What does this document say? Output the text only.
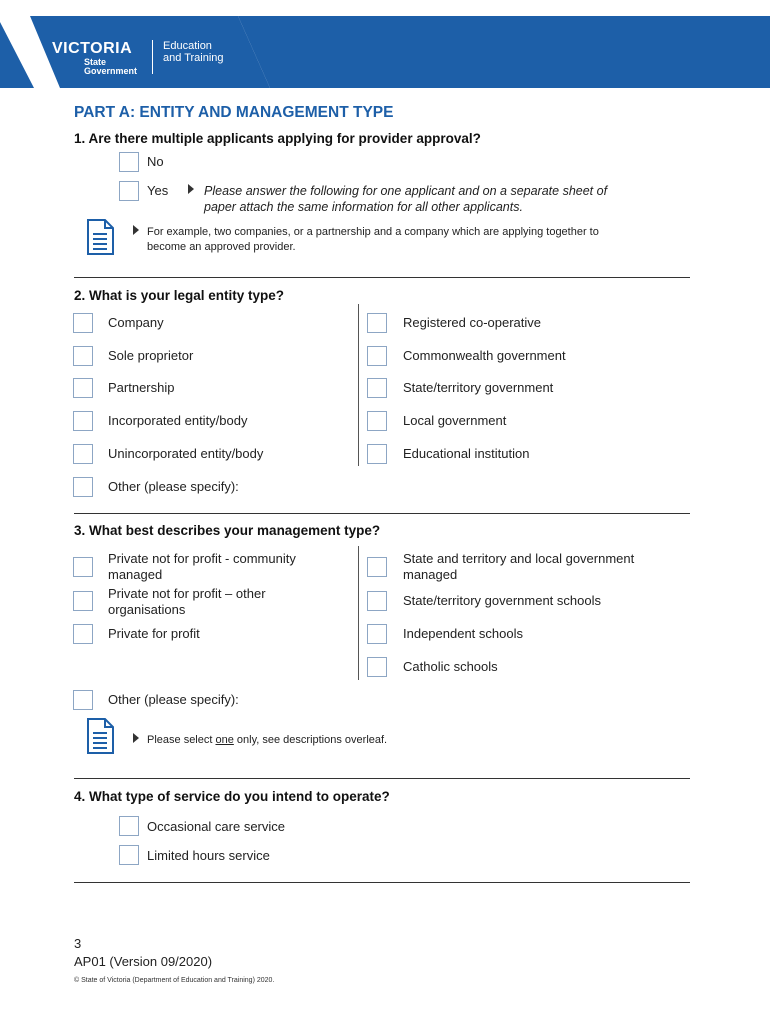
VICTORIA
State
Government
Education
and Training
PART A: ENTITY AND MANAGEMENT TYPE
1. Are there multiple applicants applying for provider approval?
No
Yes	Please answer the following for one applicant and on a separate sheet of
paper attach the same information for all other applicants.
For example, two companies, or a partnership and a company which are applying together to
become an approved provider.
2. What is your legal entity type?
Company
Sole proprietor
Partnership
Incorporated entity/body
Unincorporated entity/body
Registered co-operative
Commonwealth government
State/territory government
Local government
Educational institution
Other (please specify):
3. What best describes your management type?
Private not for profit - community
managed
Private not for profit – other
organisations
Private for profit
State and territory and local government
managed
State/territory government schools
Independent schools
Catholic schools
Other (please specify):
Please select one only, see descriptions overleaf.
4. What type of service do you intend to operate?
Occasional care service
Limited hours service
3
AP01 (Version 09/2020)
© State of Victoria (Department of Education and Training) 2020.
